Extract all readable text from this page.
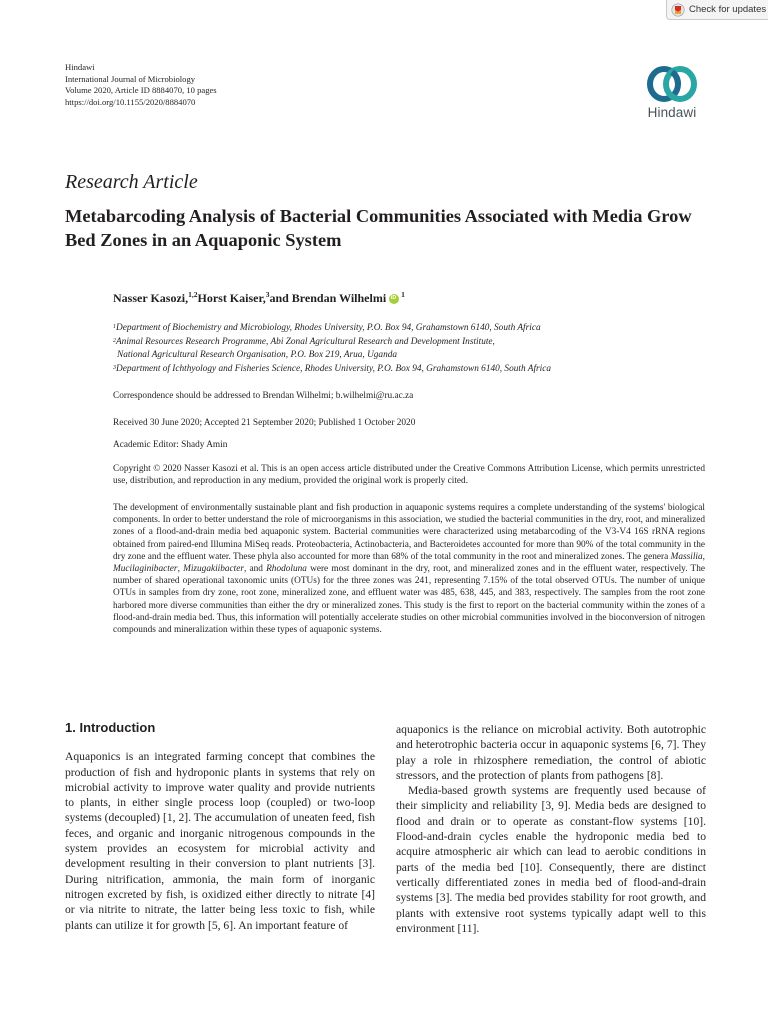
Check for updates
Hindawi
International Journal of Microbiology
Volume 2020, Article ID 8884070, 10 pages
https://doi.org/10.1155/2020/8884070
Hindawi
Research Article
Metabarcoding Analysis of Bacterial Communities Associated with Media Grow Bed Zones in an Aquaponic System
Nasser Kasozi,$^{1,2}$ Horst Kaiser,$^3$ and Brendan Wilhelmi
iD $^1$
$^1$Department of Biochemistry and Microbiology, Rhodes University, P.O. Box 94, Grahamstown 6140, South Africa
$^2$Animal Resources Research Programme, Abi Zonal Agricultural Research and Development Institute,
National Agricultural Research Organisation, P.O. Box 219, Arua, Uganda
$^3$Department of Ichthyology and Fisheries Science, Rhodes University, P.O. Box 94, Grahamstown 6140, South Africa
Correspondence should be addressed to Brendan Wilhelmi; b.wilhelmi@ru.ac.za
Received 30 June 2020; Accepted 21 September 2020; Published 1 October 2020
Academic Editor: Shady Amin
Copyright © 2020 Nasser Kasozi et al. This is an open access article distributed under the Creative Commons Attribution License, which permits unrestricted use, distribution, and reproduction in any medium, provided the original work is properly cited.
The development of environmentally sustainable plant and fish production in aquaponic systems requires a complete understanding of the systems' biological components. In order to better understand the role of microorganisms in this association, we studied the bacterial communities in the dry, root, and mineralized zones of a flood-and-drain media bed aquaponic system. Bacterial communities were characterized using metabarcoding of the V3-V4 16S rRNA regions obtained from paired-end Illumina MiSeq reads. Proteobacteria, Actinobacteria, and Bacteroidetes accounted for more than 90% of the total community in the dry zone and the effluent water. These phyla also accounted for more than 68% of the total community in the root and mineralized zones. The genera Massilia, Mucilaginibacter, Mizugakiibacter, and Rhodoluna were most dominant in the dry, root, and mineralized zones and in the effluent water, respectively. The number of shared operational taxonomic units (OTUs) for the three zones was 241, representing 7.15% of the total observed OTUs. The number of unique OTUs in samples from dry zone, root zone, mineralized zone, and effluent water was 485, 638, 445, and 383, respectively. The samples from the root zone harbored more diverse communities than either the dry or mineralized zones. This study is the first to report on the bacterial community within the zones of a flood-and-drain media bed. Thus, this information will potentially accelerate studies on other microbial communities involved in the bioconversion of nitrogen compounds and mineralization within these types of aquaponic systems.
1. Introduction

Aquaponics is an integrated farming concept that combines the production of fish and hydroponic plants in systems that rely on microbial activity to improve water quality and provide nutrients to plants, in either single process loop (coupled) or two-loop systems (decoupled) [1, 2]. The accumulation of uneaten feed, fish feces, and organic and inorganic nitrogenous compounds in the system provides an ecosystem for microbial activity and development resulting in their conversion to plant nutrients [3]. During nitrification, ammonia, the main form of inorganic nitrogen excreted by fish, is oxidized either directly to nitrate [4] or via nitrite to nitrate, the latter being less toxic to fish, while plants can utilize it for growth [5, 6]. An important feature of

aquaponics is the reliance on microbial activity. Both autotrophic and heterotrophic bacteria occur in aquaponic systems [6, 7]. They play a role in rhizosphere remediation, the control of abiotic stressors, and the protection of plants from pathogens [8].

Media-based growth systems are frequently used because of their simplicity and reliability [3, 9]. Media beds are designed to flood and drain or to operate as constant-flow systems [10]. Flood-and-drain cycles enable the hydroponic media bed to acquire atmospheric air which can lead to aerobic conditions in parts of the media bed [10]. Consequently, there are distinct vertically differentiated zones in media bed of flood-and-drain systems [3]. The media bed provides stability for root growth, and plants with extensive root systems typically adapt well to this environment [11].
